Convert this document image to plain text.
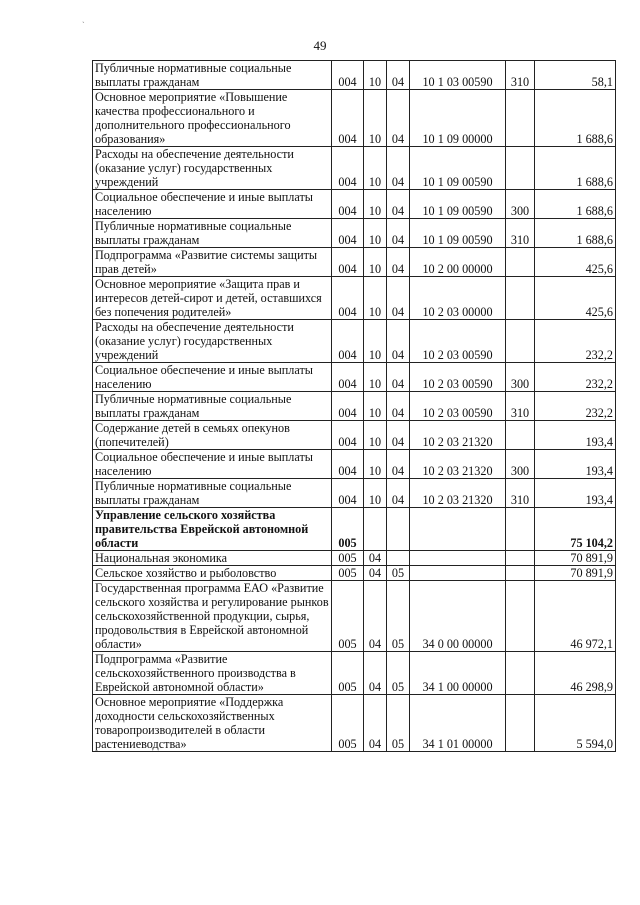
ˏ
49
Публичные нормативные социальные выплаты гражданам	004	10	04	10 1 03 00590	310	58,1
Основное мероприятие «Повышение качества профессионального и дополнительного профессионального образования»	004	10	04	10 1 09 00000		1 688,6
Расходы на обеспечение деятельности (оказание услуг) государственных учреждений	004	10	04	10 1 09 00590		1 688,6
Социальное обеспечение и иные выплаты населению	004	10	04	10 1 09 00590	300	1 688,6
Публичные нормативные социальные выплаты гражданам	004	10	04	10 1 09 00590	310	1 688,6
Подпрограмма «Развитие системы защиты прав детей»	004	10	04	10 2 00 00000		425,6
Основное мероприятие «Защита прав и интересов детей-сирот и детей, оставшихся без попечения родителей»	004	10	04	10 2 03 00000		425,6
Расходы на обеспечение деятельности (оказание услуг) государственных учреждений	004	10	04	10 2 03 00590		232,2
Социальное обеспечение и иные выплаты населению	004	10	04	10 2 03 00590	300	232,2
Публичные нормативные социальные выплаты гражданам	004	10	04	10 2 03 00590	310	232,2
Содержание детей в семьях опекунов (попечителей)	004	10	04	10 2 03 21320		193,4
Социальное обеспечение и иные выплаты населению	004	10	04	10 2 03 21320	300	193,4
Публичные нормативные социальные выплаты гражданам	004	10	04	10 2 03 21320	310	193,4
Управление сельского хозяйства правительства Еврейской автономной области	005					75 104,2
Национальная экономика	005	04				70 891,9
Сельское хозяйство и рыболовство	005	04	05			70 891,9
Государственная программа ЕАО «Развитие сельского хозяйства и регулирование рынков сельскохозяйственной продукции, сырья, продовольствия в Еврейской автономной области»	005	04	05	34 0 00 00000		46 972,1
Подпрограмма «Развитие сельскохозяйственного производства в Еврейской автономной области»	005	04	05	34 1 00 00000		46 298,9
Основное мероприятие «Поддержка доходности сельскохозяйственных товаропроизводителей в области растениеводства»	005	04	05	34 1 01 00000		5 594,0
